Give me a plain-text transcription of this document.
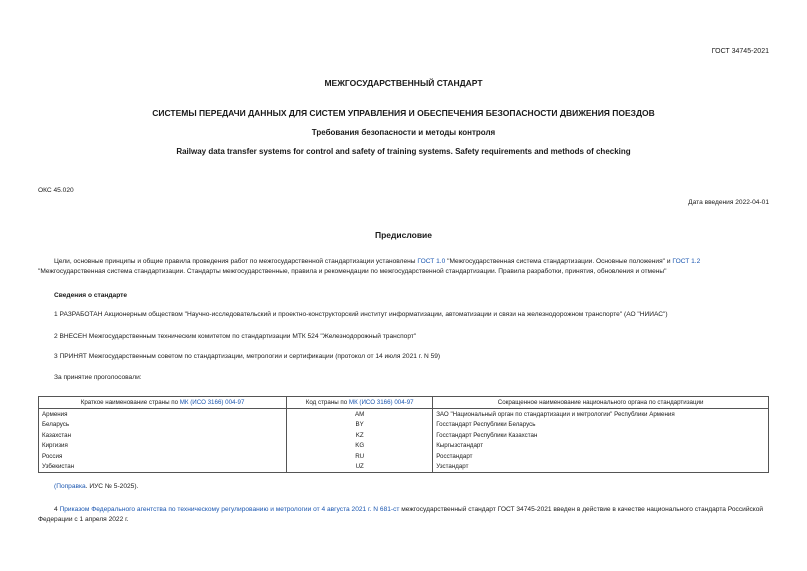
ГОСТ 34745-2021
МЕЖГОСУДАРСТВЕННЫЙ СТАНДАРТ
СИСТЕМЫ ПЕРЕДАЧИ ДАННЫХ ДЛЯ СИСТЕМ УПРАВЛЕНИЯ И ОБЕСПЕЧЕНИЯ БЕЗОПАСНОСТИ ДВИЖЕНИЯ ПОЕЗДОВ
Требования безопасности и методы контроля
Railway data transfer systems for control and safety of training systems. Safety requirements and methods of checking
ОКС 45.020
Дата введения 2022-04-01
Предисловие
Цели, основные принципы и общие правила проведения работ по межгосударственной стандартизации установлены ГОСТ 1.0 "Межгосударственная система стандартизации. Основные положения" и ГОСТ 1.2 "Межгосударственная система стандартизации. Стандарты межгосударственные, правила и рекомендации по межгосударственной стандартизации. Правила разработки, принятия, обновления и отмены"
Сведения о стандарте
1 РАЗРАБОТАН Акционерным обществом "Научно-исследовательский и проектно-конструкторский институт информатизации, автоматизации и связи на железнодорожном транспорте" (АО "НИИАС")
2 ВНЕСЕН Межгосударственным техническим комитетом по стандартизации МТК 524 "Железнодорожный транспорт"
3 ПРИНЯТ Межгосударственным советом по стандартизации, метрологии и сертификации (протокол от 14 июля 2021 г. N 59)
За принятие проголосовали:
Краткое наименование страны по МК (ИСО 3166) 004-97	Код страны по МК (ИСО 3166) 004-97	Сокращенное наименование национального органа по стандартизации
Армения	AM	ЗАО "Национальный орган по стандартизации и метрологии" Республики Армения
Беларусь	BY	Госстандарт Республики Беларусь
Казахстан	KZ	Госстандарт Республики Казахстан
Киргизия	KG	Кыргызстандарт
Россия	RU	Росстандарт
Узбекистан	UZ	Узстандарт
(Поправка. ИУС № 5-2025).
4 Приказом Федерального агентства по техническому регулированию и метрологии от 4 августа 2021 г. N 681-ст межгосударственный стандарт ГОСТ 34745-2021 введен в действие в качестве национального стандарта Российской Федерации с 1 апреля 2022 г.
